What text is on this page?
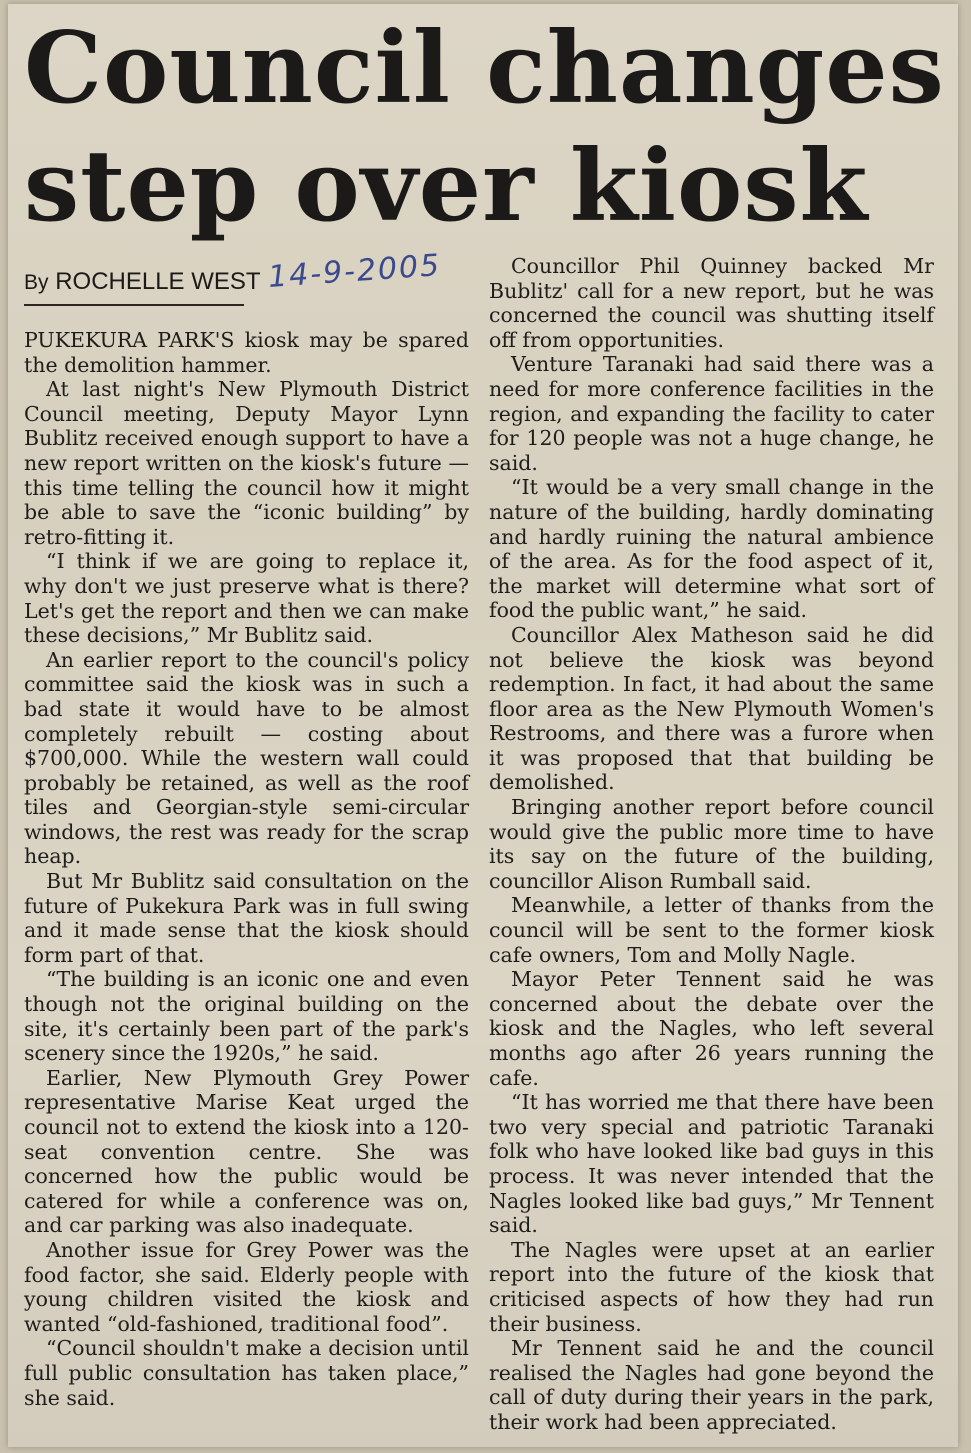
Council changes
step over kiosk
By ROCHELLE WEST 14-9-2005

PUKEKURA PARK'S kiosk may be spared the demolition hammer.

At last night's New Plymouth District Council meeting, Deputy Mayor Lynn Bublitz received enough support to have a new report written on the kiosk's future — this time telling the council how it might be able to save the “iconic building” by retro-fitting it.

“I think if we are going to replace it, why don't we just preserve what is there? Let's get the report and then we can make these decisions,” Mr Bublitz said.

An earlier report to the council's policy committee said the kiosk was in such a bad state it would have to be almost completely rebuilt — costing about $700,000. While the western wall could probably be retained, as well as the roof tiles and Georgian-style semi-circular windows, the rest was ready for the scrap heap.

But Mr Bublitz said consultation on the future of Pukekura Park was in full swing and it made sense that the kiosk should form part of that.

“The building is an iconic one and even though not the original building on the site, it's certainly been part of the park's scenery since the 1920s,” he said.

Earlier, New Plymouth Grey Power representative Marise Keat urged the council not to extend the kiosk into a 120-seat convention centre. She was concerned how the public would be catered for while a conference was on, and car parking was also inadequate.

Another issue for Grey Power was the food factor, she said. Elderly people with young children visited the kiosk and wanted “old-fashioned, traditional food”.

“Council shouldn't make a decision until full public consultation has taken place,” she said.

Councillor Phil Quinney backed Mr Bublitz' call for a new report, but he was concerned the council was shutting itself off from opportunities.

Venture Taranaki had said there was a need for more conference facilities in the region, and expanding the facility to cater for 120 people was not a huge change, he said.

“It would be a very small change in the nature of the building, hardly dominating and hardly ruining the natural ambience of the area. As for the food aspect of it, the market will determine what sort of food the public want,” he said.

Councillor Alex Matheson said he did not believe the kiosk was beyond redemption. In fact, it had about the same floor area as the New Plymouth Women's Restrooms, and there was a furore when it was proposed that that building be demolished.

Bringing another report before council would give the public more time to have its say on the future of the building, councillor Alison Rumball said.

Meanwhile, a letter of thanks from the council will be sent to the former kiosk cafe owners, Tom and Molly Nagle.

Mayor Peter Tennent said he was concerned about the debate over the kiosk and the Nagles, who left several months ago after 26 years running the cafe.

“It has worried me that there have been two very special and patriotic Taranaki folk who have looked like bad guys in this process. It was never intended that the Nagles looked like bad guys,” Mr Tennent said.

The Nagles were upset at an earlier report into the future of the kiosk that criticised aspects of how they had run their business.

Mr Tennent said he and the council realised the Nagles had gone beyond the call of duty during their years in the park, their work had been appreciated.
